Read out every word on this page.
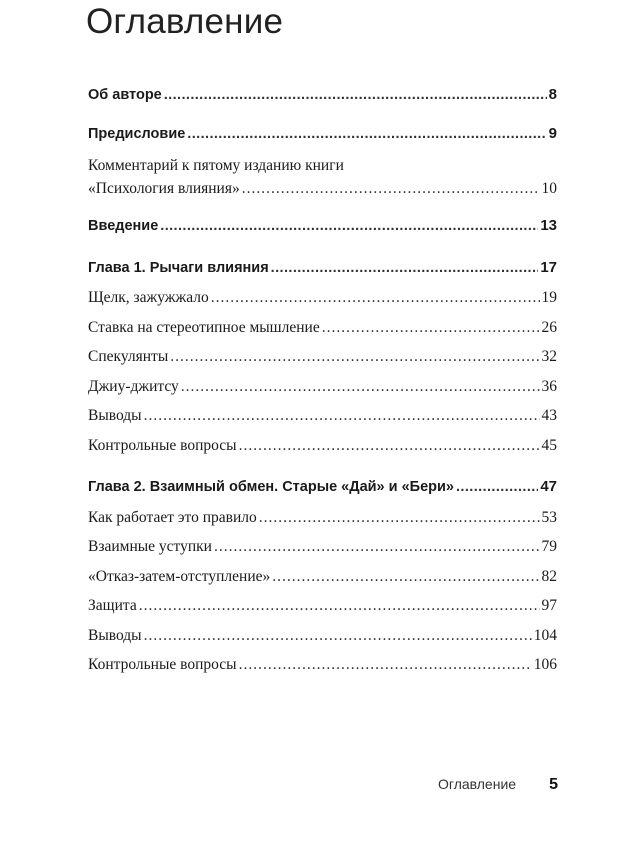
Оглавление
Об авторе .....	8
Предисловие .....	9
Комментарий к пятому изданию книги
«Психология влияния» .....	10
Введение .....	13
Глава 1. Рычаги влияния .....	17
Щелк, зажужжало .....	19
Ставка на стереотипное мышление .....	26
Спекулянты .....	32
Джиу-джитсу .....	36
Выводы .....	43
Контрольные вопросы .....	45
Глава 2. Взаимный обмен. Старые «Дай» и «Бери» .....	47
Как работает это правило .....	53
Взаимные уступки .....	79
«Отказ-затем-отступление» .....	82
Защита .....	97
Выводы .....	104
Контрольные вопросы .....	106
Оглавление 5
